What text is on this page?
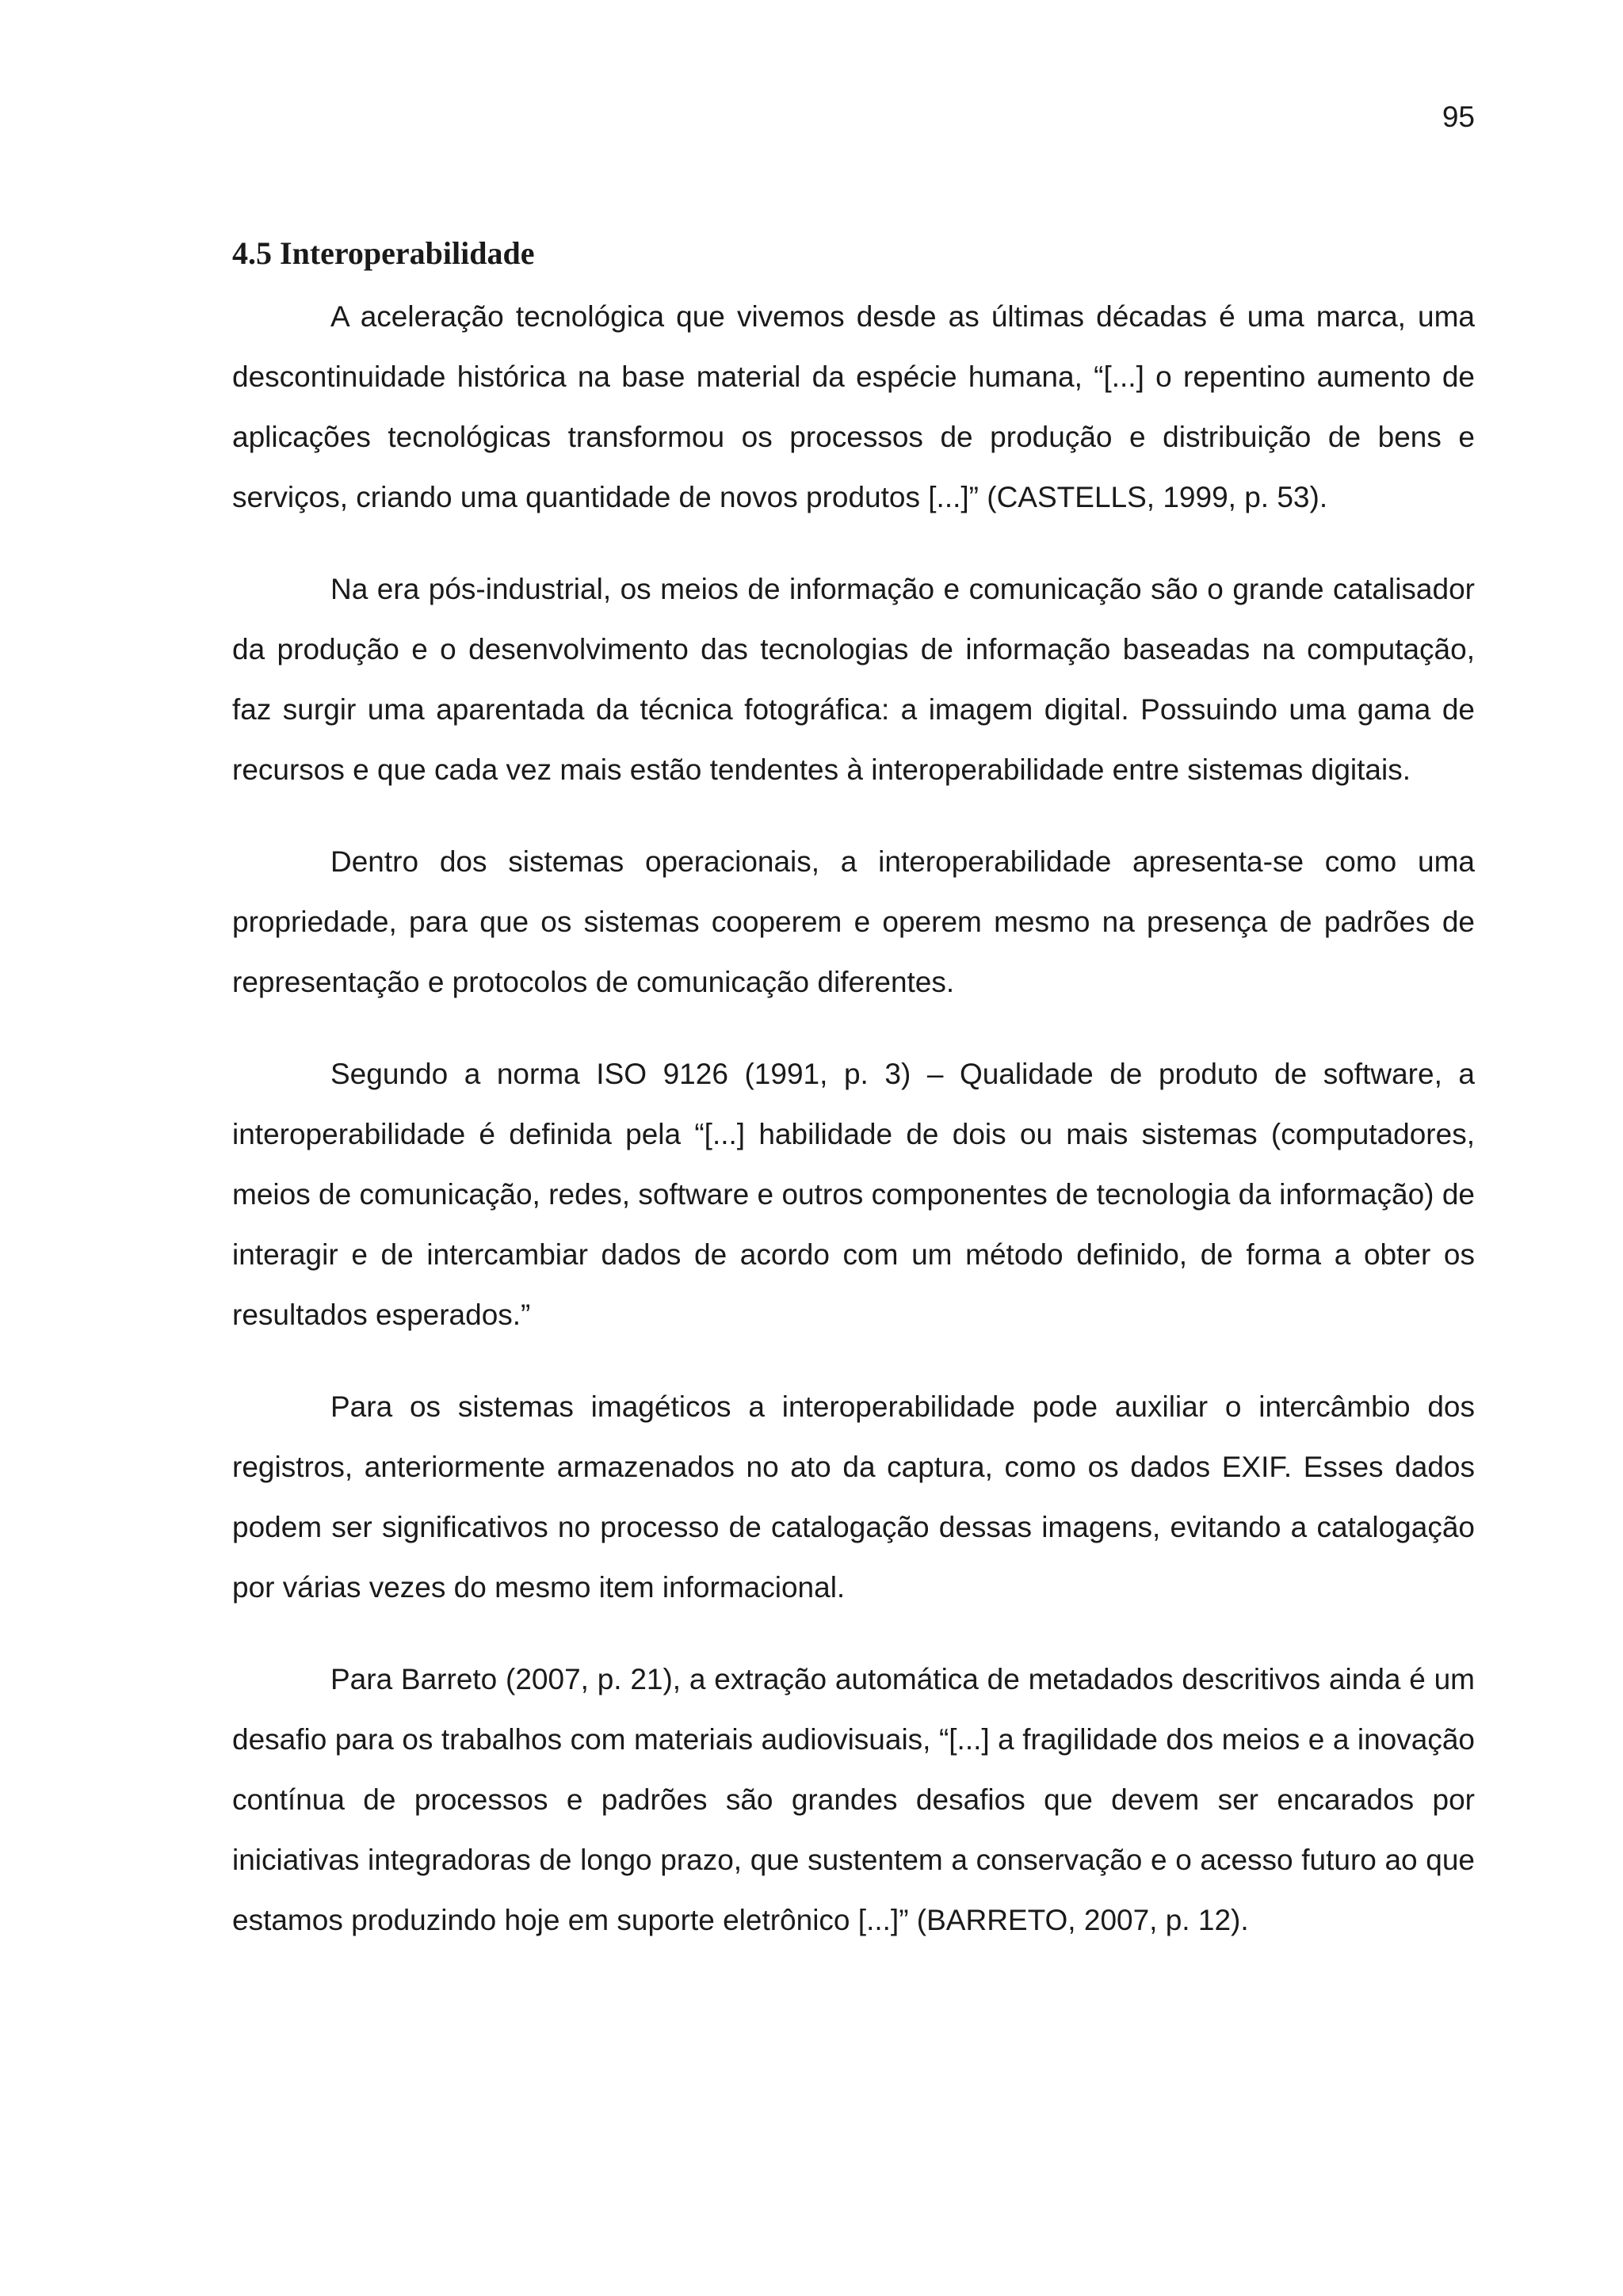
95
4.5 Interoperabilidade

A aceleração tecnológica que vivemos desde as últimas décadas é uma marca, uma descontinuidade histórica na base material da espécie humana, “[...] o repentino aumento de aplicações tecnológicas transformou os processos de produção e distribuição de bens e serviços, criando uma quantidade de novos produtos [...]” (CASTELLS, 1999, p. 53).

Na era pós-industrial, os meios de informação e comunicação são o grande catalisador da produção e o desenvolvimento das tecnologias de informação baseadas na computação, faz surgir uma aparentada da técnica fotográfica: a imagem digital. Possuindo uma gama de recursos e que cada vez mais estão tendentes à interoperabilidade entre sistemas digitais.

Dentro dos sistemas operacionais, a interoperabilidade apresenta-se como uma propriedade, para que os sistemas cooperem e operem mesmo na presença de padrões de representação e protocolos de comunicação diferentes.

Segundo a norma ISO 9126 (1991, p. 3) – Qualidade de produto de software, a interoperabilidade é definida pela “[...] habilidade de dois ou mais sistemas (computadores, meios de comunicação, redes, software e outros componentes de tecnologia da informação) de interagir e de intercambiar dados de acordo com um método definido, de forma a obter os resultados esperados.”

Para os sistemas imagéticos a interoperabilidade pode auxiliar o intercâmbio dos registros, anteriormente armazenados no ato da captura, como os dados EXIF. Esses dados podem ser significativos no processo de catalogação dessas imagens, evitando a catalogação por várias vezes do mesmo item informacional.

Para Barreto (2007, p. 21), a extração automática de metadados descritivos ainda é um desafio para os trabalhos com materiais audiovisuais, “[...] a fragilidade dos meios e a inovação contínua de processos e padrões são grandes desafios que devem ser encarados por iniciativas integradoras de longo prazo, que sustentem a conservação e o acesso futuro ao que estamos produzindo hoje em suporte eletrônico [...]” (BARRETO, 2007, p. 12).
